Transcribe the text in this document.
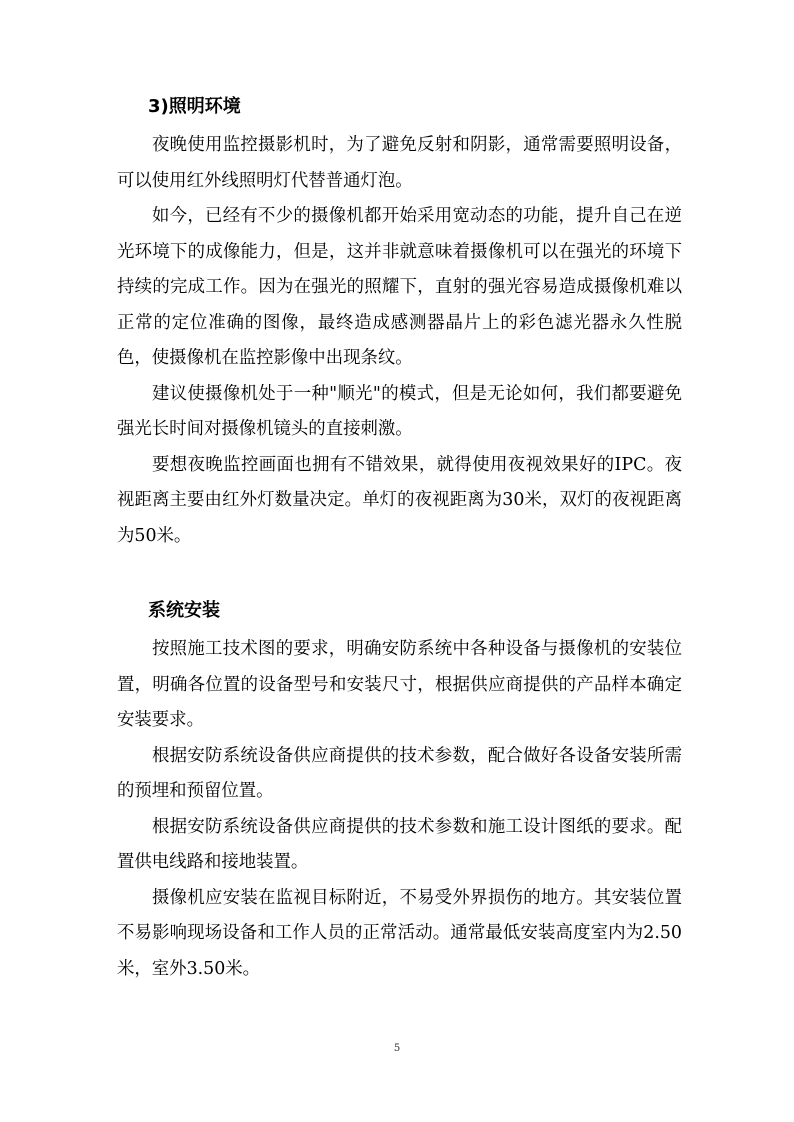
3)照明环境

夜晚使用监控摄影机时，为了避免反射和阴影，通常需要照明设备，可以使用红外线照明灯代替普通灯泡。

如今，已经有不少的摄像机都开始采用宽动态的功能，提升自己在逆光环境下的成像能力，但是，这并非就意味着摄像机可以在强光的环境下持续的完成工作。因为在强光的照耀下，直射的强光容易造成摄像机难以正常的定位准确的图像，最终造成感测器晶片上的彩色滤光器永久性脱色，使摄像机在监控影像中出现条纹。

建议使摄像机处于一种"顺光"的模式，但是无论如何，我们都要避免强光长时间对摄像机镜头的直接刺激。

要想夜晚监控画面也拥有不错效果，就得使用夜视效果好的IPC。夜视距离主要由红外灯数量决定。单灯的夜视距离为30米，双灯的夜视距离为50米。

系统安装

按照施工技术图的要求，明确安防系统中各种设备与摄像机的安装位置，明确各位置的设备型号和安装尺寸，根据供应商提供的产品样本确定安装要求。

根据安防系统设备供应商提供的技术参数，配合做好各设备安装所需的预埋和预留位置。

根据安防系统设备供应商提供的技术参数和施工设计图纸的要求。配置供电线路和接地装置。

摄像机应安装在监视目标附近，不易受外界损伤的地方。其安装位置不易影响现场设备和工作人员的正常活动。通常最低安装高度室内为2.50米，室外3.50米。

5
